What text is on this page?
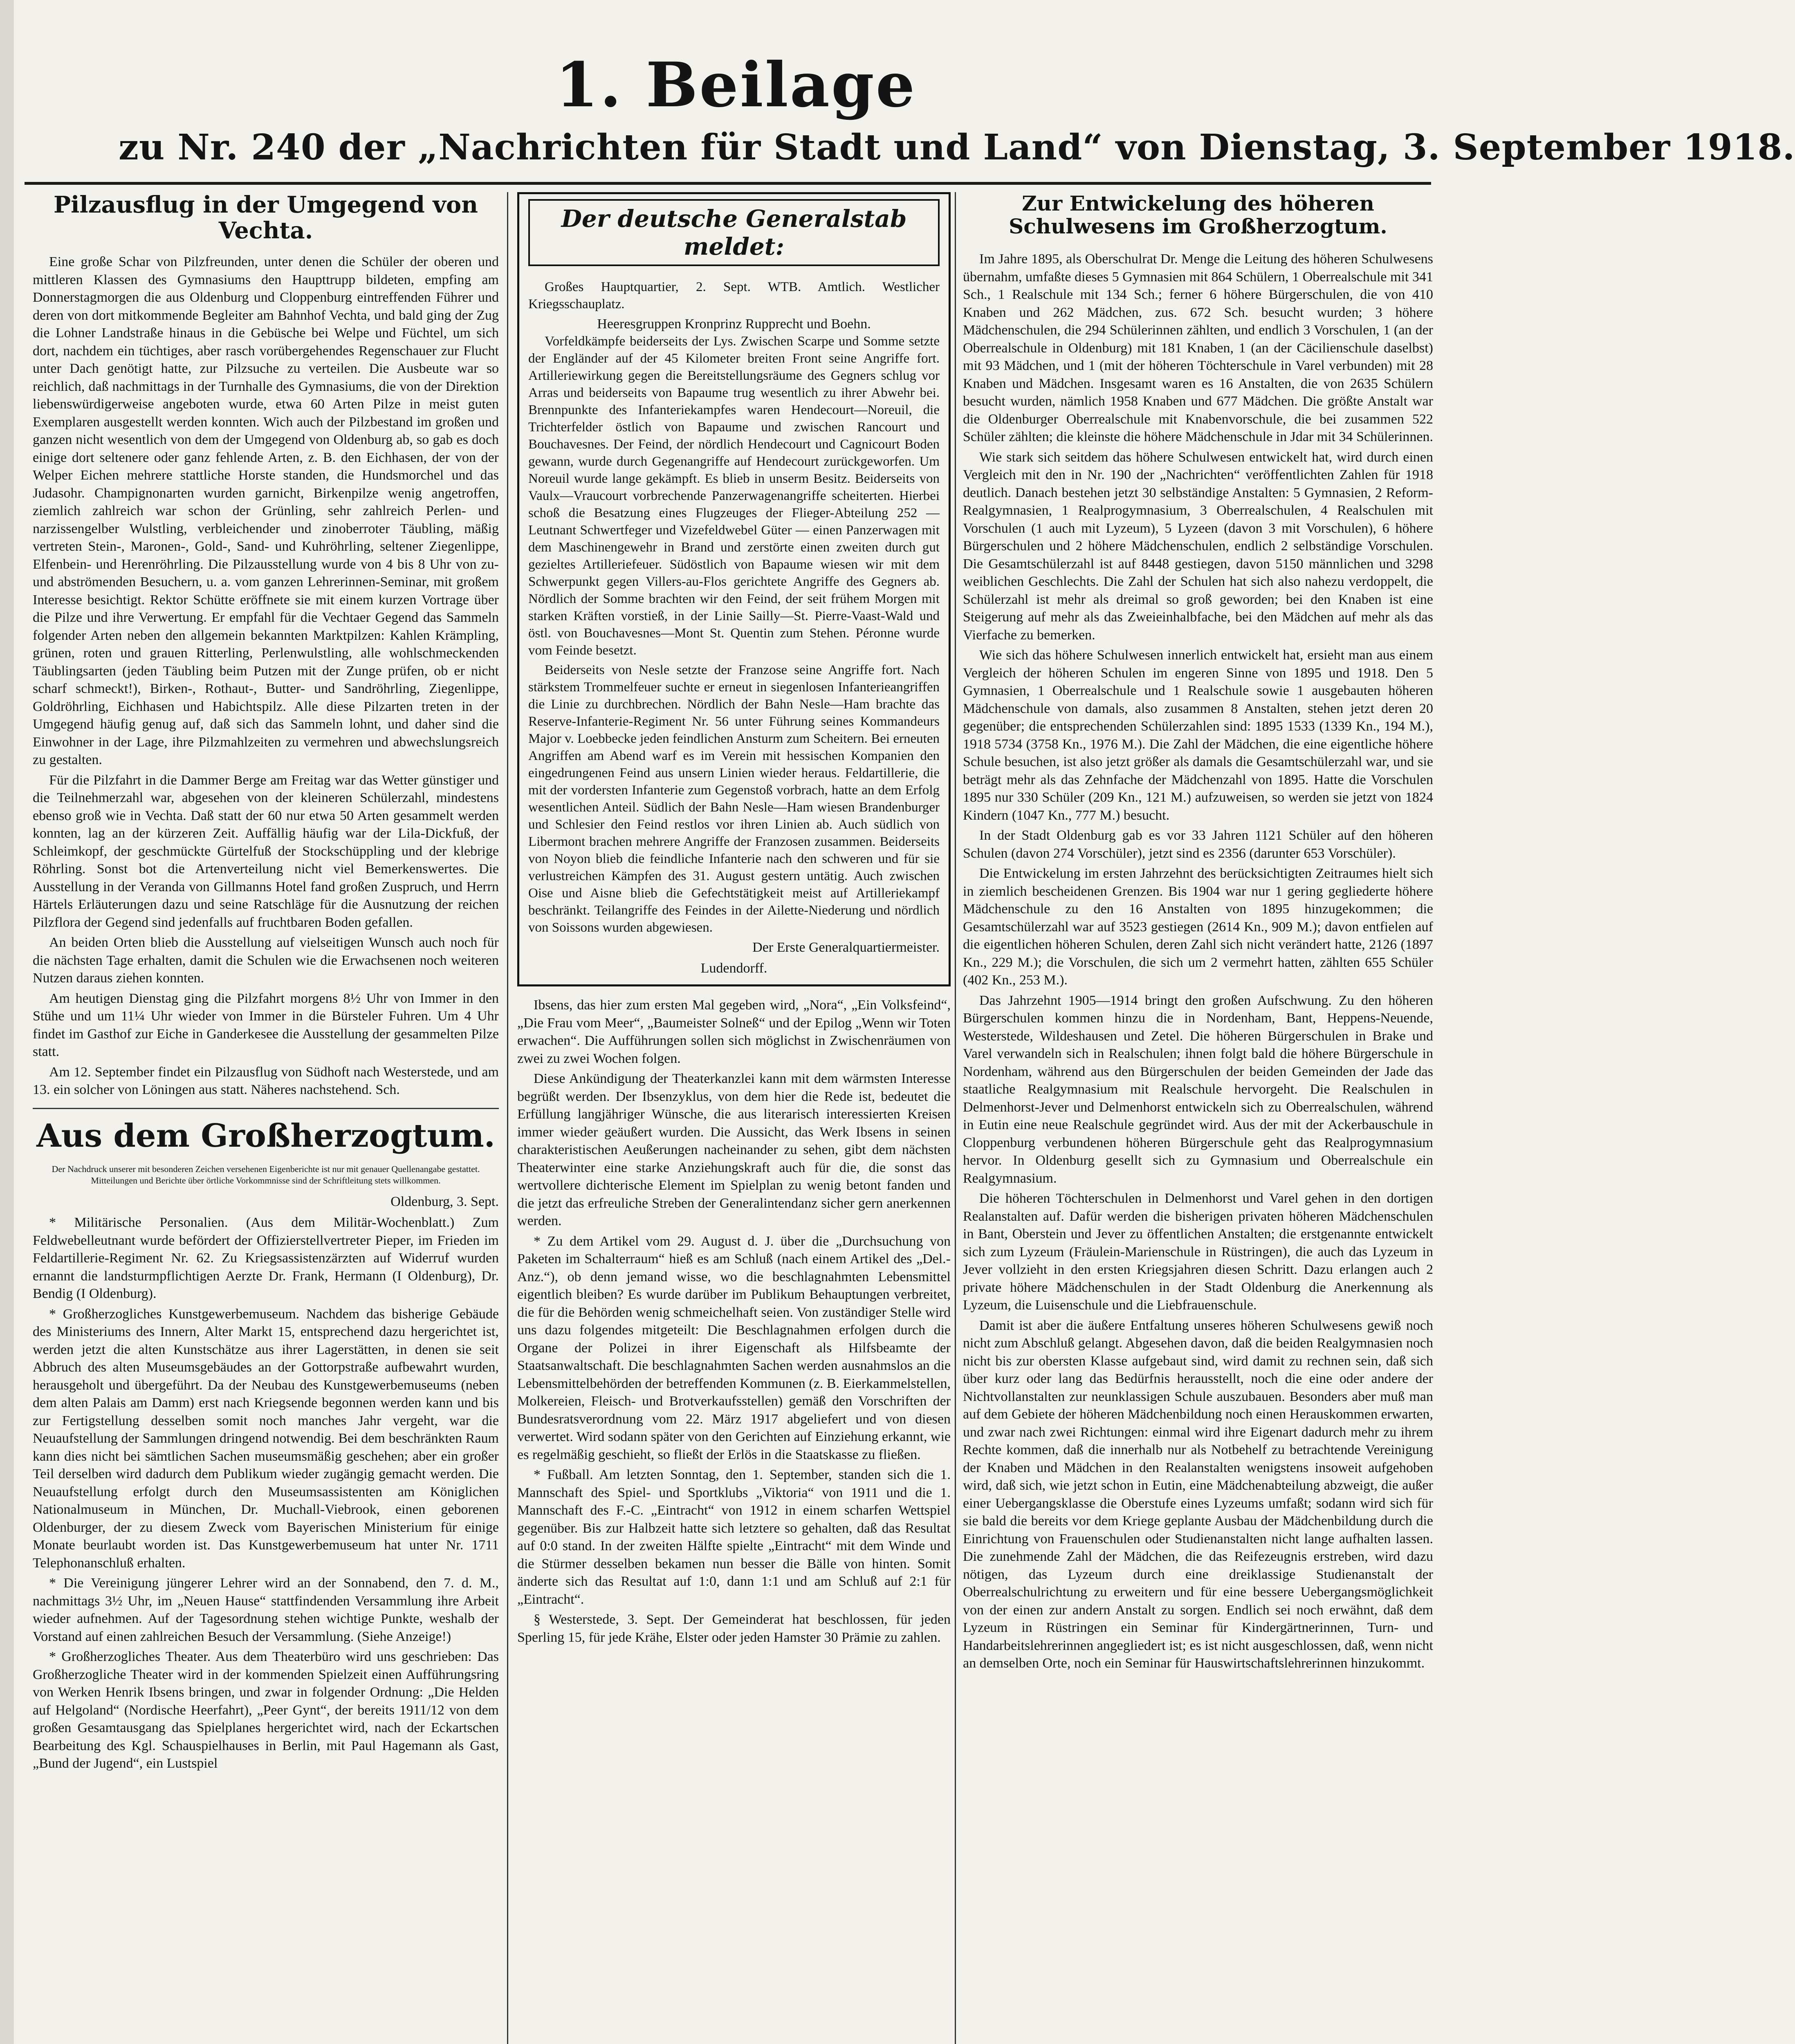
1. Beilage
zu Nr. 240 der „Nachrichten für Stadt und Land“ von Dienstag, 3. September 1918.
Pilzausflug in der Umgegend von Vechta.

Eine große Schar von Pilzfreunden, unter denen die Schüler der oberen und mittleren Klassen des Gymnasiums den Haupttrupp bildeten, empfing am Donnerstagmorgen die aus Oldenburg und Cloppenburg eintreffenden Führer und deren von dort mitkommende Begleiter am Bahnhof Vechta, und bald ging der Zug die Lohner Landstraße hinaus in die Gebüsche bei Welpe und Füchtel, um sich dort, nachdem ein tüchtiges, aber rasch vorübergehendes Regenschauer zur Flucht unter Dach genötigt hatte, zur Pilzsuche zu verteilen. Die Ausbeute war so reichlich, daß nachmittags in der Turnhalle des Gymnasiums, die von der Direktion liebenswürdigerweise angeboten wurde, etwa 60 Arten Pilze in meist guten Exemplaren ausgestellt werden konnten. Wich auch der Pilzbestand im großen und ganzen nicht wesentlich von dem der Umgegend von Oldenburg ab, so gab es doch einige dort seltenere oder ganz fehlende Arten, z. B. den Eichhasen, der von der Welper Eichen mehrere stattliche Horste standen, die Hundsmorchel und das Judasohr. Champignonarten wurden garnicht, Birkenpilze wenig angetroffen, ziemlich zahlreich war schon der Grünling, sehr zahlreich Perlen- und narzissengelber Wulstling, verbleichender und zinoberroter Täubling, mäßig vertreten Stein-, Maronen-, Gold-, Sand- und Kuhröhrling, seltener Ziegenlippe, Elfenbein- und Herenröhrling. Die Pilzausstellung wurde von 4 bis 8 Uhr von zu- und abströmenden Besuchern, u. a. vom ganzen Lehrerinnen-Seminar, mit großem Interesse besichtigt. Rektor Schütte eröffnete sie mit einem kurzen Vortrage über die Pilze und ihre Verwertung. Er empfahl für die Vechtaer Gegend das Sammeln folgender Arten neben den allgemein bekannten Marktpilzen: Kahlen Krämpling, grünen, roten und grauen Ritterling, Perlenwulstling, alle wohlschmeckenden Täublingsarten (jeden Täubling beim Putzen mit der Zunge prüfen, ob er nicht scharf schmeckt!), Birken-, Rothaut-, Butter- und Sandröhrling, Ziegenlippe, Goldröhrling, Eichhasen und Habichtspilz. Alle diese Pilzarten treten in der Umgegend häufig genug auf, daß sich das Sammeln lohnt, und daher sind die Einwohner in der Lage, ihre Pilzmahlzeiten zu vermehren und abwechslungsreich zu gestalten.

Für die Pilzfahrt in die Dammer Berge am Freitag war das Wetter günstiger und die Teilnehmerzahl war, abgesehen von der kleineren Schülerzahl, mindestens ebenso groß wie in Vechta. Daß statt der 60 nur etwa 50 Arten gesammelt werden konnten, lag an der kürzeren Zeit. Auffällig häufig war der Lila-Dickfuß, der Schleimkopf, der geschmückte Gürtelfuß der Stockschüppling und der klebrige Röhrling. Sonst bot die Artenverteilung nicht viel Bemerkenswertes. Die Ausstellung in der Veranda von Gillmanns Hotel fand großen Zuspruch, und Herrn Härtels Erläuterungen dazu und seine Ratschläge für die Ausnutzung der reichen Pilzflora der Gegend sind jedenfalls auf fruchtbaren Boden gefallen.

An beiden Orten blieb die Ausstellung auf vielseitigen Wunsch auch noch für die nächsten Tage erhalten, damit die Schulen wie die Erwachsenen noch weiteren Nutzen daraus ziehen konnten.

Am heutigen Dienstag ging die Pilzfahrt morgens 8½ Uhr von Immer in den Stühe und um 11¼ Uhr wieder von Immer in die Bürsteler Fuhren. Um 4 Uhr findet im Gasthof zur Eiche in Ganderkesee die Ausstellung der gesammelten Pilze statt.

Am 12. September findet ein Pilzausflug von Südhoft nach Westerstede, und am 13. ein solcher von Löningen aus statt. Näheres nachstehend. Sch.

Aus dem Großherzogtum.

Der Nachdruck unserer mit besonderen Zeichen versehenen Eigenberichte ist nur mit genauer Quellenangabe gestattet. Mitteilungen und Berichte über örtliche Vorkommnisse sind der Schriftleitung stets willkommen.

Oldenburg, 3. Sept.

* Militärische Personalien. (Aus dem Militär-Wochenblatt.) Zum Feldwebelleutnant wurde befördert der Offizierstellvertreter Pieper, im Frieden im Feldartillerie-Regiment Nr. 62. Zu Kriegsassistenzärzten auf Widerruf wurden ernannt die landsturmpflichtigen Aerzte Dr. Frank, Hermann (I Oldenburg), Dr. Bendig (I Oldenburg).

* Großherzogliches Kunstgewerbemuseum. Nachdem das bisherige Gebäude des Ministeriums des Innern, Alter Markt 15, entsprechend dazu hergerichtet ist, werden jetzt die alten Kunstschätze aus ihrer Lagerstätten, in denen sie seit Abbruch des alten Museumsgebäudes an der Gottorpstraße aufbewahrt wurden, herausgeholt und übergeführt. Da der Neubau des Kunstgewerbemuseums (neben dem alten Palais am Damm) erst nach Kriegsende begonnen werden kann und bis zur Fertigstellung desselben somit noch manches Jahr vergeht, war die Neuaufstellung der Sammlungen dringend notwendig. Bei dem beschränkten Raum kann dies nicht bei sämtlichen Sachen museumsmäßig geschehen; aber ein großer Teil derselben wird dadurch dem Publikum wieder zugängig gemacht werden. Die Neuaufstellung erfolgt durch den Museumsassistenten am Königlichen Nationalmuseum in München, Dr. Muchall-Viebrook, einen geborenen Oldenburger, der zu diesem Zweck vom Bayerischen Ministerium für einige Monate beurlaubt worden ist. Das Kunstgewerbemuseum hat unter Nr. 1711 Telephonanschluß erhalten.

* Die Vereinigung jüngerer Lehrer wird an der Sonnabend, den 7. d. M., nachmittags 3½ Uhr, im „Neuen Hause“ stattfindenden Versammlung ihre Arbeit wieder aufnehmen. Auf der Tagesordnung stehen wichtige Punkte, weshalb der Vorstand auf einen zahlreichen Besuch der Versammlung. (Siehe Anzeige!)

* Großherzogliches Theater. Aus dem Theaterbüro wird uns geschrieben: Das Großherzogliche Theater wird in der kommenden Spielzeit einen Aufführungsring von Werken Henrik Ibsens bringen, und zwar in folgender Ordnung: „Die Helden auf Helgoland“ (Nordische Heerfahrt), „Peer Gynt“, der bereits 1911/12 von dem großen Gesamtausgang das Spielplanes hergerichtet wird, nach der Eckartschen Bearbeitung des Kgl. Schauspielhauses in Berlin, mit Paul Hagemann als Gast, „Bund der Jugend“, ein Lustspiel

Der deutsche Generalstab meldet:

Großes Hauptquartier, 2. Sept. WTB. Amtlich. Westlicher Kriegsschauplatz.

Heeresgruppen Kronprinz Rupprecht und Boehn.

Vorfeldkämpfe beiderseits der Lys. Zwischen Scarpe und Somme setzte der Engländer auf der 45 Kilometer breiten Front seine Angriffe fort. Artilleriewirkung gegen die Bereitstellungsräume des Gegners schlug vor Arras und beiderseits von Bapaume trug wesentlich zu ihrer Abwehr bei. Brennpunkte des Infanteriekampfes waren Hendecourt—Noreuil, die Trichterfelder östlich von Bapaume und zwischen Rancourt und Bouchavesnes. Der Feind, der nördlich Hendecourt und Cagnicourt Boden gewann, wurde durch Gegenangriffe auf Hendecourt zurückgeworfen. Um Noreuil wurde lange gekämpft. Es blieb in unserm Besitz. Beiderseits von Vaulx—Vraucourt vorbrechende Panzerwagenangriffe scheiterten. Hierbei schoß die Besatzung eines Flugzeuges der Flieger-Abteilung 252 — Leutnant Schwertfeger und Vizefeldwebel Güter — einen Panzerwagen mit dem Maschinengewehr in Brand und zerstörte einen zweiten durch gut gezieltes Artilleriefeuer. Südöstlich von Bapaume wiesen wir mit dem Schwerpunkt gegen Villers-au-Flos gerichtete Angriffe des Gegners ab. Nördlich der Somme brachten wir den Feind, der seit frühem Morgen mit starken Kräften vorstieß, in der Linie Sailly—St. Pierre-Vaast-Wald und östl. von Bouchavesnes—Mont St. Quentin zum Stehen. Péronne wurde vom Feinde besetzt.

Beiderseits von Nesle setzte der Franzose seine Angriffe fort. Nach stärkstem Trommelfeuer suchte er erneut in siegenlosen Infanterieangriffen die Linie zu durchbrechen. Nördlich der Bahn Nesle—Ham brachte das Reserve-Infanterie-Regiment Nr. 56 unter Führung seines Kommandeurs Major v. Loebbecke jeden feindlichen Ansturm zum Scheitern. Bei erneuten Angriffen am Abend warf es im Verein mit hessischen Kompanien den eingedrungenen Feind aus unsern Linien wieder heraus. Feldartillerie, die mit der vordersten Infanterie zum Gegenstoß vorbrach, hatte an dem Erfolg wesentlichen Anteil. Südlich der Bahn Nesle—Ham wiesen Brandenburger und Schlesier den Feind restlos vor ihren Linien ab. Auch südlich von Libermont brachen mehrere Angriffe der Franzosen zusammen. Beiderseits von Noyon blieb die feindliche Infanterie nach den schweren und für sie verlustreichen Kämpfen des 31. August gestern untätig. Auch zwischen Oise und Aisne blieb die Gefechtstätigkeit meist auf Artilleriekampf beschränkt. Teilangriffe des Feindes in der Ailette-Niederung und nördlich von Soissons wurden abgewiesen.

Der Erste Generalquartiermeister.

Ludendorff.

Ibsens, das hier zum ersten Mal gegeben wird, „Nora“, „Ein Volksfeind“, „Die Frau vom Meer“, „Baumeister Solneß“ und der Epilog „Wenn wir Toten erwachen“. Die Aufführungen sollen sich möglichst in Zwischenräumen von zwei zu zwei Wochen folgen.

Diese Ankündigung der Theaterkanzlei kann mit dem wärmsten Interesse begrüßt werden. Der Ibsenzyklus, von dem hier die Rede ist, bedeutet die Erfüllung langjähriger Wünsche, die aus literarisch interessierten Kreisen immer wieder geäußert wurden. Die Aussicht, das Werk Ibsens in seinen charakteristischen Aeußerungen nacheinander zu sehen, gibt dem nächsten Theaterwinter eine starke Anziehungskraft auch für die, die sonst das wertvollere dichterische Element im Spielplan zu wenig betont fanden und die jetzt das erfreuliche Streben der Generalintendanz sicher gern anerkennen werden.

* Zu dem Artikel vom 29. August d. J. über die „Durchsuchung von Paketen im Schalterraum“ hieß es am Schluß (nach einem Artikel des „Del.-Anz.“), ob denn jemand wisse, wo die beschlagnahmten Lebensmittel eigentlich bleiben? Es wurde darüber im Publikum Behauptungen verbreitet, die für die Behörden wenig schmeichelhaft seien. Von zuständiger Stelle wird uns dazu folgendes mitgeteilt: Die Beschlagnahmen erfolgen durch die Organe der Polizei in ihrer Eigenschaft als Hilfsbeamte der Staatsanwaltschaft. Die beschlagnahmten Sachen werden ausnahmslos an die Lebensmittelbehörden der betreffenden Kommunen (z. B. Eierkammelstellen, Molkereien, Fleisch- und Brotverkaufsstellen) gemäß den Vorschriften der Bundesratsverordnung vom 22. März 1917 abgeliefert und von diesen verwertet. Wird sodann später von den Gerichten auf Einziehung erkannt, wie es regelmäßig geschieht, so fließt der Erlös in die Staatskasse zu fließen.

* Fußball. Am letzten Sonntag, den 1. September, standen sich die 1. Mannschaft des Spiel- und Sportklubs „Viktoria“ von 1911 und die 1. Mannschaft des F.-C. „Eintracht“ von 1912 in einem scharfen Wettspiel gegenüber. Bis zur Halbzeit hatte sich letztere so gehalten, daß das Resultat auf 0:0 stand. In der zweiten Hälfte spielte „Eintracht“ mit dem Winde und die Stürmer desselben bekamen nun besser die Bälle von hinten. Somit änderte sich das Resultat auf 1:0, dann 1:1 und am Schluß auf 2:1 für „Eintracht“.

§ Westerstede, 3. Sept. Der Gemeinderat hat beschlossen, für jeden Sperling 15, für jede Krähe, Elster oder jeden Hamster 30 Prämie zu zahlen.

Zur Entwickelung des höheren Schulwesens im Großherzogtum.

Im Jahre 1895, als Oberschulrat Dr. Menge die Leitung des höheren Schulwesens übernahm, umfaßte dieses 5 Gymnasien mit 864 Schülern, 1 Oberrealschule mit 341 Sch., 1 Realschule mit 134 Sch.; ferner 6 höhere Bürgerschulen, die von 410 Knaben und 262 Mädchen, zus. 672 Sch. besucht wurden; 3 höhere Mädchenschulen, die 294 Schülerinnen zählten, und endlich 3 Vorschulen, 1 (an der Oberrealschule in Oldenburg) mit 181 Knaben, 1 (an der Cäcilienschule daselbst) mit 93 Mädchen, und 1 (mit der höheren Töchterschule in Varel verbunden) mit 28 Knaben und Mädchen. Insgesamt waren es 16 Anstalten, die von 2635 Schülern besucht wurden, nämlich 1958 Knaben und 677 Mädchen. Die größte Anstalt war die Oldenburger Oberrealschule mit Knabenvorschule, die bei zusammen 522 Schüler zählten; die kleinste die höhere Mädchenschule in Jdar mit 34 Schülerinnen.

Wie stark sich seitdem das höhere Schulwesen entwickelt hat, wird durch einen Vergleich mit den in Nr. 190 der „Nachrichten“ veröffentlichten Zahlen für 1918 deutlich. Danach bestehen jetzt 30 selbständige Anstalten: 5 Gymnasien, 2 Reform-Realgymnasien, 1 Realprogymnasium, 3 Oberrealschulen, 4 Realschulen mit Vorschulen (1 auch mit Lyzeum), 5 Lyzeen (davon 3 mit Vorschulen), 6 höhere Bürgerschulen und 2 höhere Mädchenschulen, endlich 2 selbständige Vorschulen. Die Gesamtschülerzahl ist auf 8448 gestiegen, davon 5150 männlichen und 3298 weiblichen Geschlechts. Die Zahl der Schulen hat sich also nahezu verdoppelt, die Schülerzahl ist mehr als dreimal so groß geworden; bei den Knaben ist eine Steigerung auf mehr als das Zweieinhalbfache, bei den Mädchen auf mehr als das Vierfache zu bemerken.

Wie sich das höhere Schulwesen innerlich entwickelt hat, ersieht man aus einem Vergleich der höheren Schulen im engeren Sinne von 1895 und 1918. Den 5 Gymnasien, 1 Oberrealschule und 1 Realschule sowie 1 ausgebauten höheren Mädchenschule von damals, also zusammen 8 Anstalten, stehen jetzt deren 20 gegenüber; die entsprechenden Schülerzahlen sind: 1895 1533 (1339 Kn., 194 M.), 1918 5734 (3758 Kn., 1976 M.). Die Zahl der Mädchen, die eine eigentliche höhere Schule besuchen, ist also jetzt größer als damals die Gesamtschülerzahl war, und sie beträgt mehr als das Zehnfache der Mädchenzahl von 1895. Hatte die Vorschulen 1895 nur 330 Schüler (209 Kn., 121 M.) aufzuweisen, so werden sie jetzt von 1824 Kindern (1047 Kn., 777 M.) besucht.

In der Stadt Oldenburg gab es vor 33 Jahren 1121 Schüler auf den höheren Schulen (davon 274 Vorschüler), jetzt sind es 2356 (darunter 653 Vorschüler).

Die Entwickelung im ersten Jahrzehnt des berücksichtigten Zeitraumes hielt sich in ziemlich bescheidenen Grenzen. Bis 1904 war nur 1 gering gegliederte höhere Mädchenschule zu den 16 Anstalten von 1895 hinzugekommen; die Gesamtschülerzahl war auf 3523 gestiegen (2614 Kn., 909 M.); davon entfielen auf die eigentlichen höheren Schulen, deren Zahl sich nicht verändert hatte, 2126 (1897 Kn., 229 M.); die Vorschulen, die sich um 2 vermehrt hatten, zählten 655 Schüler (402 Kn., 253 M.).

Das Jahrzehnt 1905—1914 bringt den großen Aufschwung. Zu den höheren Bürgerschulen kommen hinzu die in Nordenham, Bant, Heppens-Neuende, Westerstede, Wildeshausen und Zetel. Die höheren Bürgerschulen in Brake und Varel verwandeln sich in Realschulen; ihnen folgt bald die höhere Bürgerschule in Nordenham, während aus den Bürgerschulen der beiden Gemeinden der Jade das staatliche Realgymnasium mit Realschule hervorgeht. Die Realschulen in Delmenhorst-Jever und Delmenhorst entwickeln sich zu Oberrealschulen, während in Eutin eine neue Realschule gegründet wird. Aus der mit der Ackerbauschule in Cloppenburg verbundenen höheren Bürgerschule geht das Realprogymnasium hervor. In Oldenburg gesellt sich zu Gymnasium und Oberrealschule ein Realgymnasium.

Die höheren Töchterschulen in Delmenhorst und Varel gehen in den dortigen Realanstalten auf. Dafür werden die bisherigen privaten höheren Mädchenschulen in Bant, Oberstein und Jever zu öffentlichen Anstalten; die erstgenannte entwickelt sich zum Lyzeum (Fräulein-Marienschule in Rüstringen), die auch das Lyzeum in Jever vollzieht in den ersten Kriegsjahren diesen Schritt. Dazu erlangen auch 2 private höhere Mädchenschulen in der Stadt Oldenburg die Anerkennung als Lyzeum, die Luisenschule und die Liebfrauenschule.

Damit ist aber die äußere Entfaltung unseres höheren Schulwesens gewiß noch nicht zum Abschluß gelangt. Abgesehen davon, daß die beiden Realgymnasien noch nicht bis zur obersten Klasse aufgebaut sind, wird damit zu rechnen sein, daß sich über kurz oder lang das Bedürfnis herausstellt, noch die eine oder andere der Nichtvollanstalten zur neunklassigen Schule auszubauen. Besonders aber muß man auf dem Gebiete der höheren Mädchenbildung noch einen Herauskommen erwarten, und zwar nach zwei Richtungen: einmal wird ihre Eigenart dadurch mehr zu ihrem Rechte kommen, daß die innerhalb nur als Notbehelf zu betrachtende Vereinigung der Knaben und Mädchen in den Realanstalten wenigstens insoweit aufgehoben wird, daß sich, wie jetzt schon in Eutin, eine Mädchenabteilung abzweigt, die außer einer Uebergangsklasse die Oberstufe eines Lyzeums umfaßt; sodann wird sich für sie bald die bereits vor dem Kriege geplante Ausbau der Mädchenbildung durch die Einrichtung von Frauenschulen oder Studienanstalten nicht lange aufhalten lassen. Die zunehmende Zahl der Mädchen, die das Reifezeugnis erstreben, wird dazu nötigen, das Lyzeum durch eine dreiklassige Studienanstalt der Oberrealschulrichtung zu erweitern und für eine bessere Uebergangsmöglichkeit von der einen zur andern Anstalt zu sorgen. Endlich sei noch erwähnt, daß dem Lyzeum in Rüstringen ein Seminar für Kindergärtnerinnen, Turn- und Handarbeitslehrerinnen angegliedert ist; es ist nicht ausgeschlossen, daß, wenn nicht an demselben Orte, noch ein Seminar für Hauswirtschaftslehrerinnen hinzukommt.
